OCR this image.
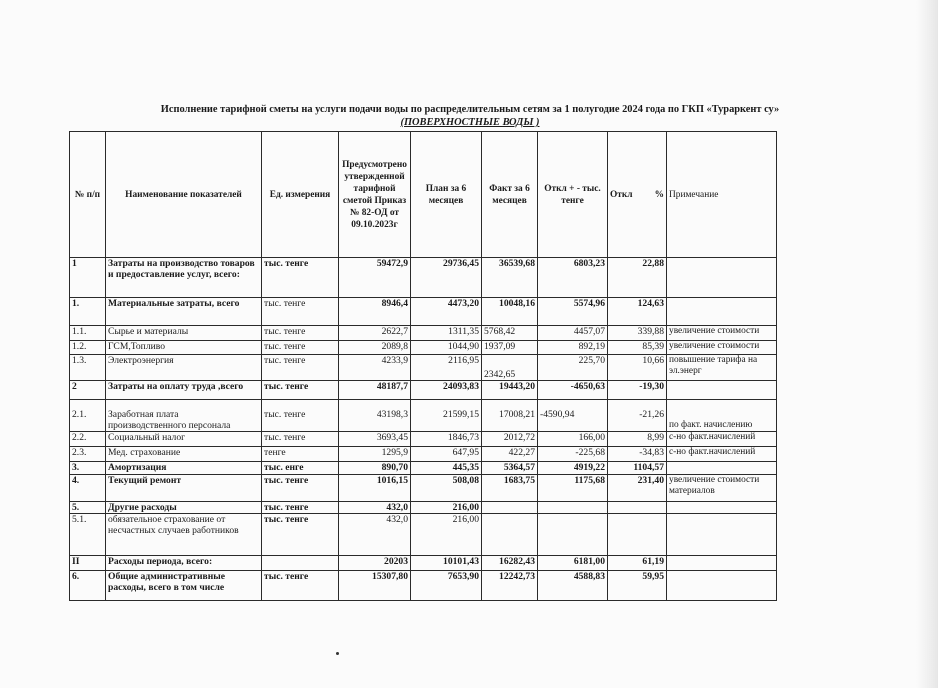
Исполнение тарифной сметы на услуги подачи воды по распределительным сетям за 1 полугодие 2024 года по ГКП «Тураркент су»
(ПОВЕРХНОСТНЫЕ ВОДЫ )
№ п/п	Наименование показателей	Ед. измерения	Предусмотрено утвержденной тарифной сметой Приказ № 82-ОД от 09.10.2023г	План за 6 месяцев	Факт за 6 месяцев	Откл + - тыс. тенге	Откл %	Примечание
1	Затраты на производство товаров и предоставление услуг, всего:	тыс. тенге	59472,9	29736,45	36539,68	6803,23	22,88	
1.	Материальные затраты, всего	тыс. тенге	8946,4	4473,20	10048,16	5574,96	124,63	
1.1.	Сырье и материалы	тыс. тенге	2622,7	1311,35	5768,42	4457,07	339,88	увеличение стоимости
1.2.	ГСМ,Топливо	тыс. тенге	2089,8	1044,90	1937,09	892,19	85,39	увеличение стоимости
1.3.	Электроэнергия	тыс. тенге	4233,9	2116,95	2342,65	225,70	10,66	повышение тарифа на эл.энерг
2	Затраты на оплату труда ,всего	тыс. тенге	48187,7	24093,83	19443,20	-4650,63	-19,30	
2.1.	Заработная плата производственного персонала	тыс. тенге	43198,3	21599,15	17008,21	-4590,94	-21,26	по факт. начислению
2.2.	Социальный налог	тыс. тенге	3693,45	1846,73	2012,72	166,00	8,99	с-но факт.начислений
2.3.	Мед. страхование	тенге	1295,9	647,95	422,27	-225,68	-34,83	с-но факт.начислений
3.	Амортизация	тыс. енге	890,70	445,35	5364,57	4919,22	1104,57	
4.	Текущий ремонт	тыс. тенге	1016,15	508,08	1683,75	1175,68	231,40	увеличение стоимости материалов
5.	Другие расходы	тыс. тенге	432,0	216,00				
5.1.	обязательное страхование от несчастных случаев работников	тыс. тенге	432,0	216,00				
II	Расходы периода, всего:		20203	10101,43	16282,43	6181,00	61,19	
6.	Общие административные расходы, всего в том числе	тыс. тенге	15307,80	7653,90	12242,73	4588,83	59,95	
